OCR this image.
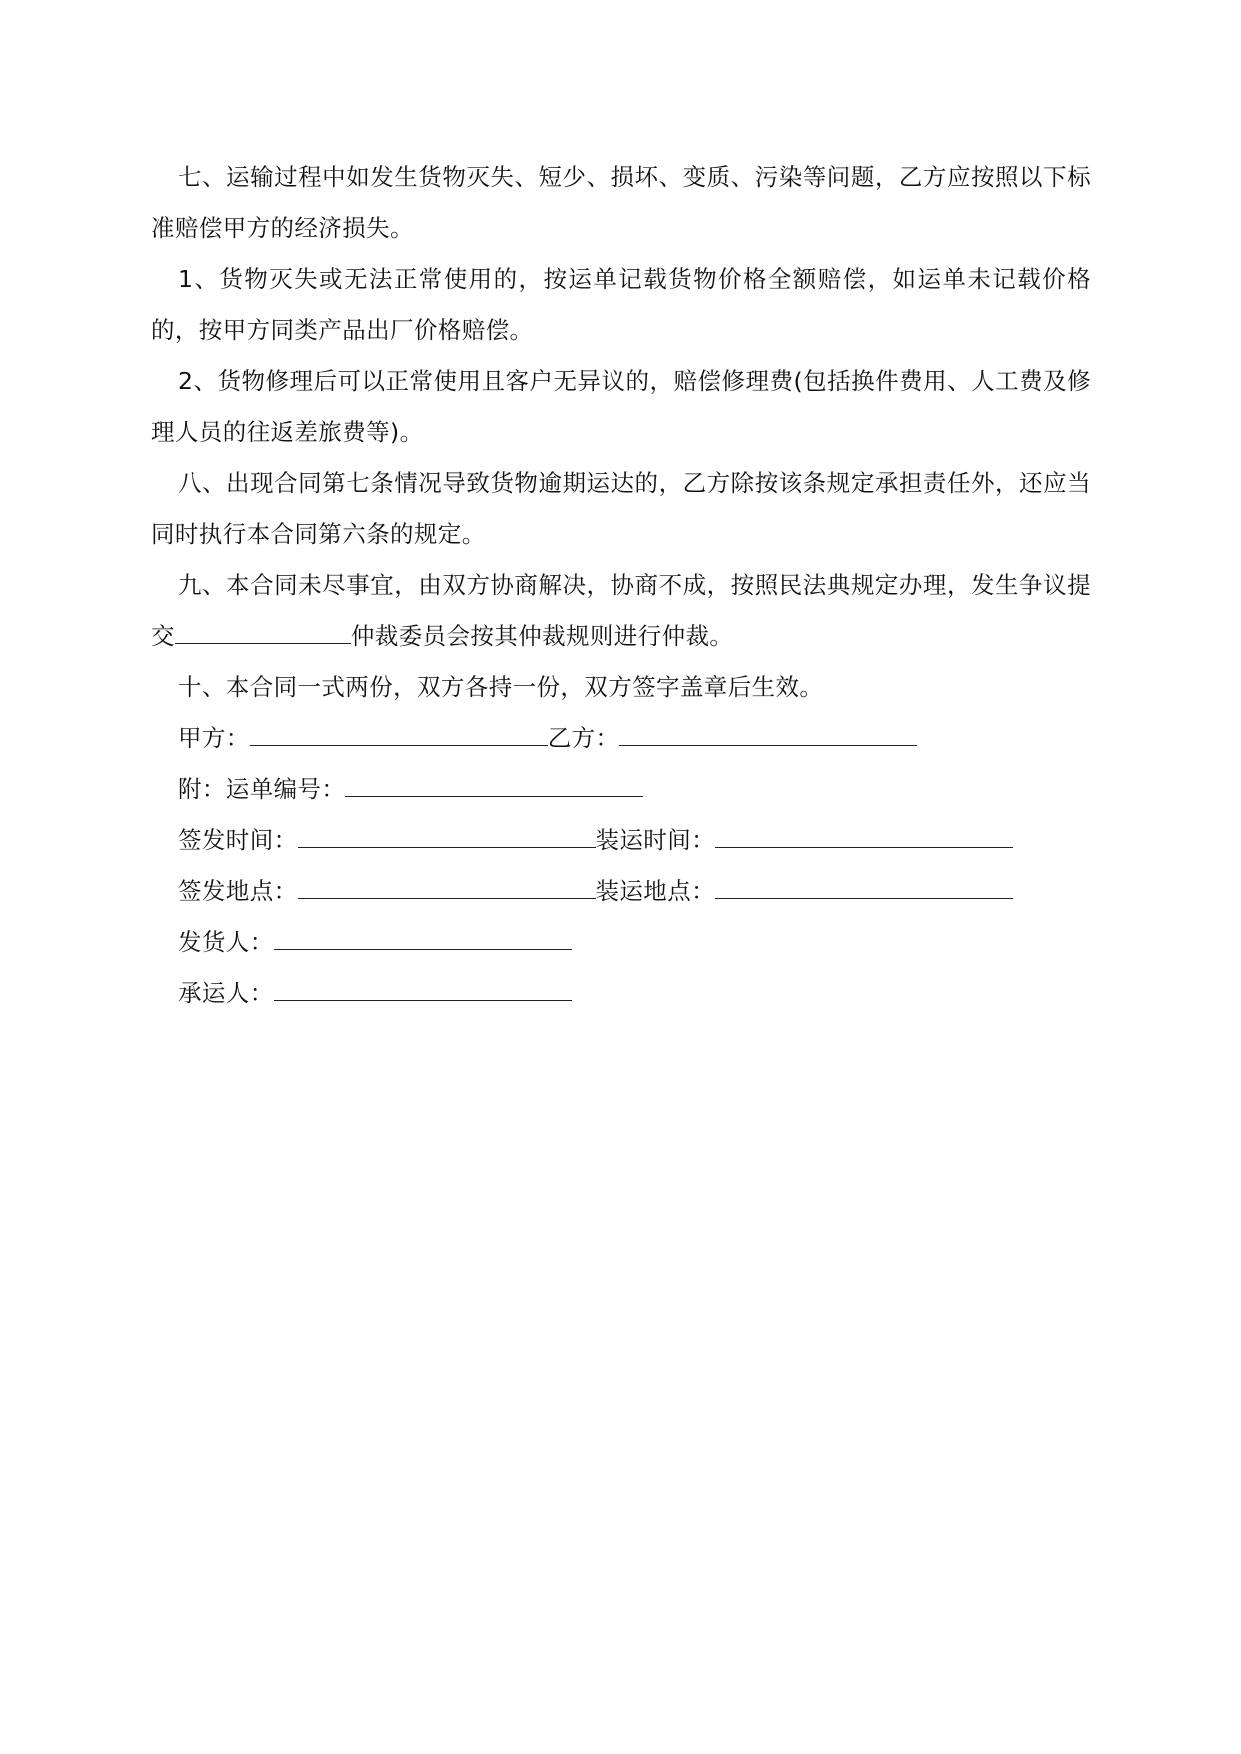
七、运输过程中如发生货物灭失、短少、损坏、变质、污染等问题，乙方应按照以下标准赔偿甲方的经济损失。

1、货物灭失或无法正常使用的，按运单记载货物价格全额赔偿，如运单未记载价格的，按甲方同类产品出厂价格赔偿。

2、货物修理后可以正常使用且客户无异议的，赔偿修理费(包括换件费用、人工费及修理人员的往返差旅费等)。

八、出现合同第七条情况导致货物逾期运达的，乙方除按该条规定承担责任外，还应当同时执行本合同第六条的规定。

九、本合同未尽事宜，由双方协商解决，协商不成，按照民法典规定办理，发生争议提交	仲裁委员会按其仲裁规则进行仲裁。

十、本合同一式两份，双方各持一份，双方签字盖章后生效。

甲方：	乙方：

附：运单编号：

签发时间：	装运时间：

签发地点：	装运地点：

发货人：

承运人：
